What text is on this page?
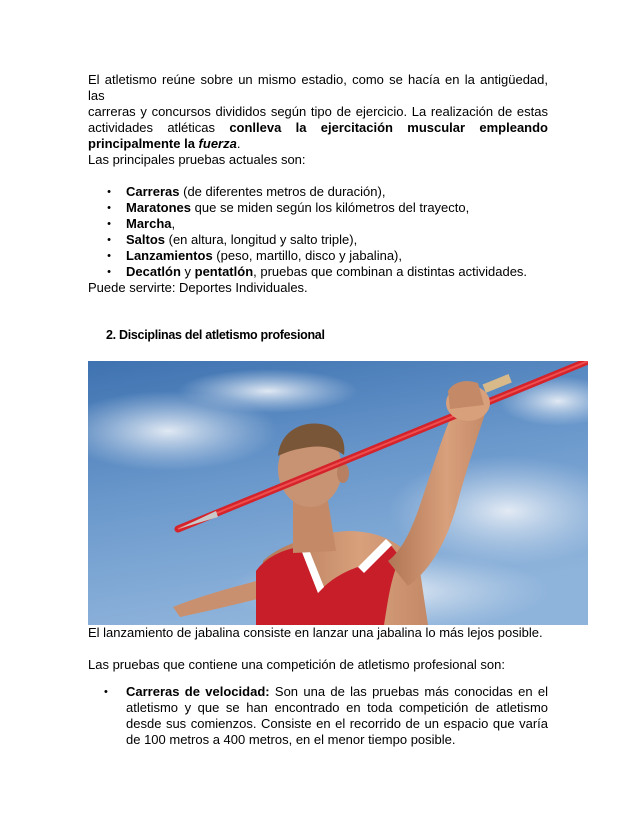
El atletismo reúne sobre un mismo estadio, como se hacía en la antigüedad, las
carreras y concursos divididos según tipo de ejercicio. La realización de estas
actividades atléticas conlleva la ejercitación muscular empleando
principalmente la fuerza.
Las principales pruebas actuales son:
• Carreras (de diferentes metros de duración),
• Maratones que se miden según los kilómetros del trayecto,
• Marcha,
• Saltos (en altura, longitud y salto triple),
• Lanzamientos (peso, martillo, disco y jabalina),
• Decatlón y pentatlón, pruebas que combinan a distintas actividades.
Puede servirte: Deportes Individuales.
2. Disciplinas del atletismo profesional
El lanzamiento de jabalina consiste en lanzar una jabalina lo más lejos posible.
Las pruebas que contiene una competición de atletismo profesional son:
• Carreras de velocidad: Son una de las pruebas más conocidas en el atletismo y que se han encontrado en toda competición de atletismo desde sus comienzos. Consiste en el recorrido de un espacio que varía de 100 metros a 400 metros, en el menor tiempo posible.
